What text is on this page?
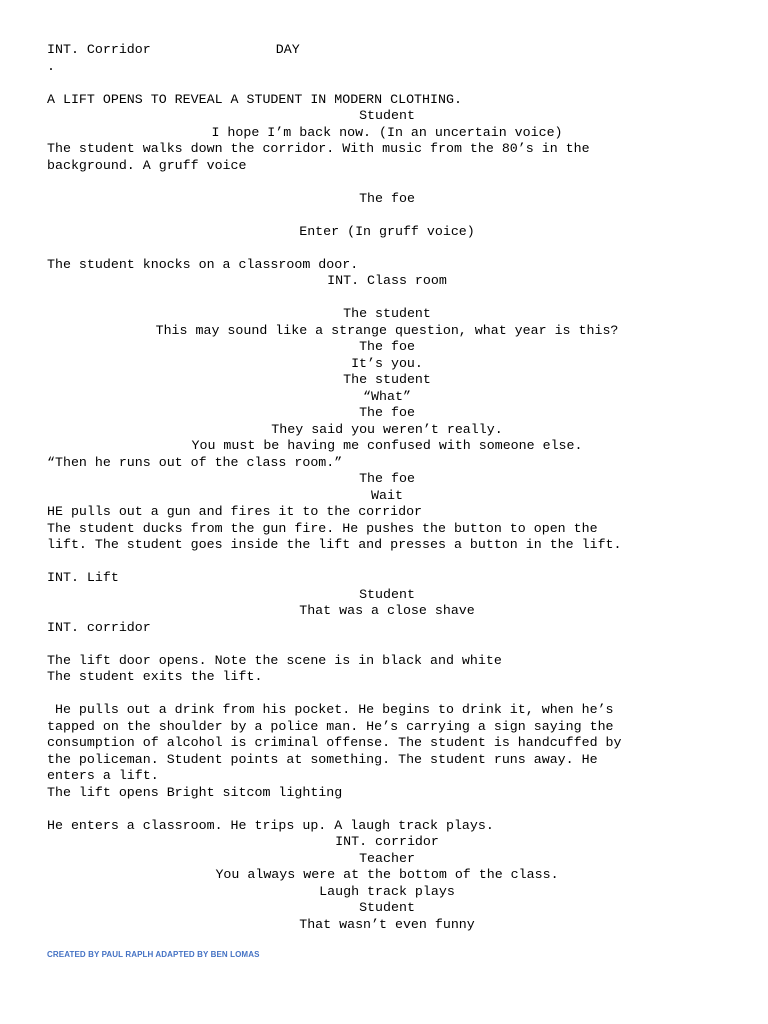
INT. Corridor	DAY
.
A LIFT OPENS TO REVEAL A STUDENT IN MODERN CLOTHING.
Student
I hope I’m back now. (In an uncertain voice)
The student walks down the corridor. With music from the 80’s in the
background. A gruff voice
The foe
Enter (In gruff voice)
The student knocks on a classroom door.
INT. Class room
The student
This may sound like a strange question, what year is this?
The foe
It’s you.
The student
“What”
The foe
They said you weren’t really.
You must be having me confused with someone else.
“Then he runs out of the class room.”
The foe
Wait
HE pulls out a gun and fires it to the corridor
The student ducks from the gun fire. He pushes the button to open the
lift. The student goes inside the lift and presses a button in the lift.
INT. Lift
Student
That was a close shave
INT. corridor
The lift door opens. Note the scene is in black and white
The student exits the lift.
He pulls out a drink from his pocket. He begins to drink it, when he’s
tapped on the shoulder by a police man. He’s carrying a sign saying the
consumption of alcohol is criminal offense. The student is handcuffed by
the policeman. Student points at something. The student runs away. He
enters a lift.
The lift opens Bright sitcom lighting
He enters a classroom. He trips up. A laugh track plays.
INT. corridor
Teacher
You always were at the bottom of the class.
Laugh track plays
Student
That wasn’t even funny
CREATED BY PAUL RAPLH ADAPTED BY BEN LOMAS
